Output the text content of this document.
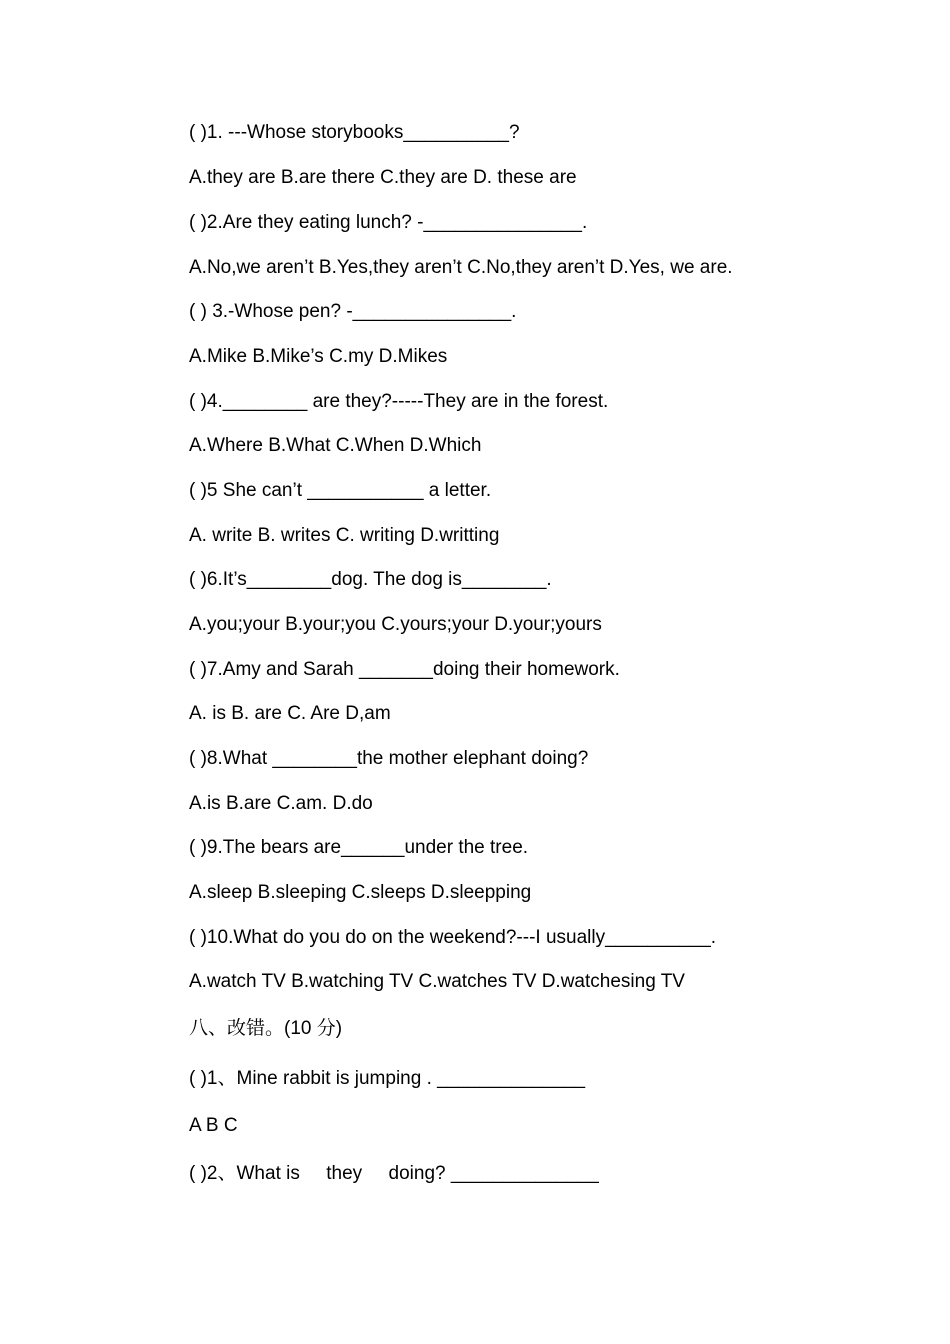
( )1. ---Whose storybooks__________?
A.they are B.are there C.they are D. these are
( )2.Are they eating lunch? -_______________.
A.No,we aren’t B.Yes,they aren’t C.No,they aren’t D.Yes, we are.
( ) 3.-Whose pen? -_______________.
A.Mike B.Mike’s C.my D.Mikes
( )4.________ are they?-----They are in the forest.
A.Where B.What C.When D.Which
( )5 She can’t ___________ a letter.
A. write B. writes C. writing D.writting
( )6.It’s________dog. The dog is________.
A.you;your B.your;you C.yours;your D.your;yours
( )7.Amy and Sarah _______doing their homework.
A. is B. are C. Are D,am
( )8.What ________the mother elephant doing?
A.is B.are C.am. D.do
( )9.The bears are______under the tree.
A.sleep B.sleeping C.sleeps D.sleepping
( )10.What do you do on the weekend?---I usually__________.
A.watch TV B.watching TV C.watches TV D.watchesing TV
八、改错。(10 分)
( )1、Mine rabbit is jumping . ______________
A B C
( )2、What is     they     doing? ______________
